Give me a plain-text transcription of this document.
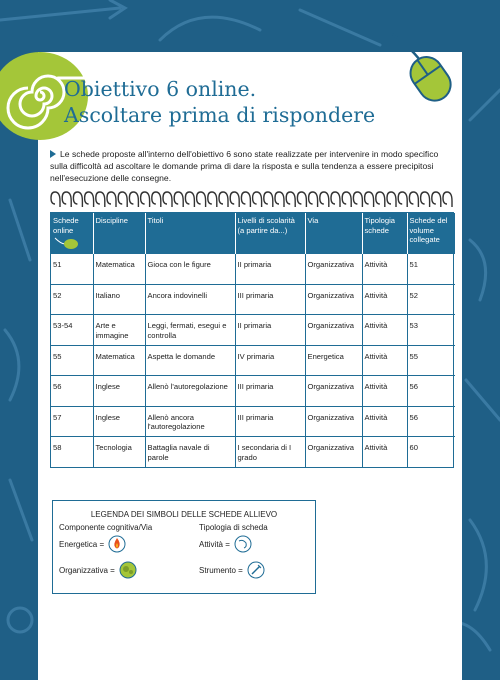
Obiettivo 6 online.
Ascoltare prima di rispondere
Le schede proposte all'interno dell'obiettivo 6 sono state realizzate per intervenire in modo specifico sulla difficoltà ad ascoltare le domande prima di dare la risposta e sulla tendenza a essere precipitosi nell'esecuzione delle consegne.
Schede online	Discipline	Titoli	Livelli di scolarità (a partire da...)	Via	Tipologia schede	Schede del volume collegate
51	Matematica	Gioca con le figure	II primaria	Organizzativa	Attività	51
52	Italiano	Ancora indovinelli	III primaria	Organizzativa	Attività	52
53-54	Arte e immagine	Leggi, fermati, esegui e controlla	II primaria	Organizzativa	Attività	53
55	Matematica	Aspetta le domande	IV primaria	Energetica	Attività	55
56	Inglese	Allenò l'autoregolazione	III primaria	Organizzativa	Attività	56
57	Inglese	Allenò ancora l'autoregolazione	III primaria	Organizzativa	Attività	56
58	Tecnologia	Battaglia navale di parole	I secondaria di I grado	Organizzativa	Attività	60
LEGENDA DEI SIMBOLI DELLE SCHEDE ALLIEVO
Componente cognitiva/Via	Tipologia di scheda
Energetica =
Organizzativa =
Attività =
Strumento =
